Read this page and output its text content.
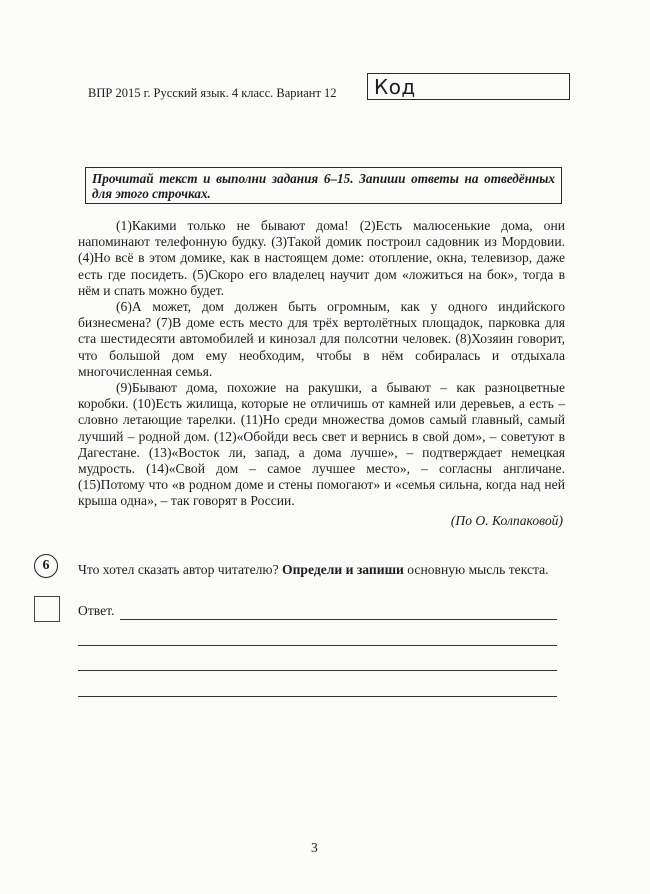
ВПР 2015 г. Русский язык. 4 класс. Вариант 12 Код
Прочитай текст и выполни задания 6–15. Запиши ответы на отведённых для этого строчках.

(1)Какими только не бывают дома! (2)Есть малюсенькие дома, они напоминают телефонную будку. (3)Такой домик построил садовник из Мордовии. (4)Но всё в этом домике, как в настоящем доме: отопление, окна, телевизор, даже есть где посидеть. (5)Скоро его владелец научит дом «ложиться на бок», тогда в нём и спать можно будет.

(6)А может, дом должен быть огромным, как у одного индийского бизнесмена? (7)В доме есть место для трёх вертолётных площадок, парковка для ста шестидесяти автомобилей и кинозал для полсотни человек. (8)Хозяин говорит, что большой дом ему необходим, чтобы в нём собиралась и отдыхала многочисленная семья.

(9)Бывают дома, похожие на ракушки, а бывают – как разноцветные коробки. (10)Есть жилища, которые не отличишь от камней или деревьев, а есть – словно летающие тарелки. (11)Но среди множества домов самый главный, самый лучший – родной дом. (12)«Обойди весь свет и вернись в свой дом», – советуют в Дагестане. (13)«Восток ли, запад, а дома лучше», – подтверждает немецкая мудрость. (14)«Свой дом – самое лучшее место», – согласны англичане. (15)Потому что «в родном доме и стены помогают» и «семья сильна, когда над ней крыша одна», – так говорят в России.

(По О. Колпаковой)
6	Что хотел сказать автор читателю? Определи и запиши основную мысль текста.
Ответ.
3
